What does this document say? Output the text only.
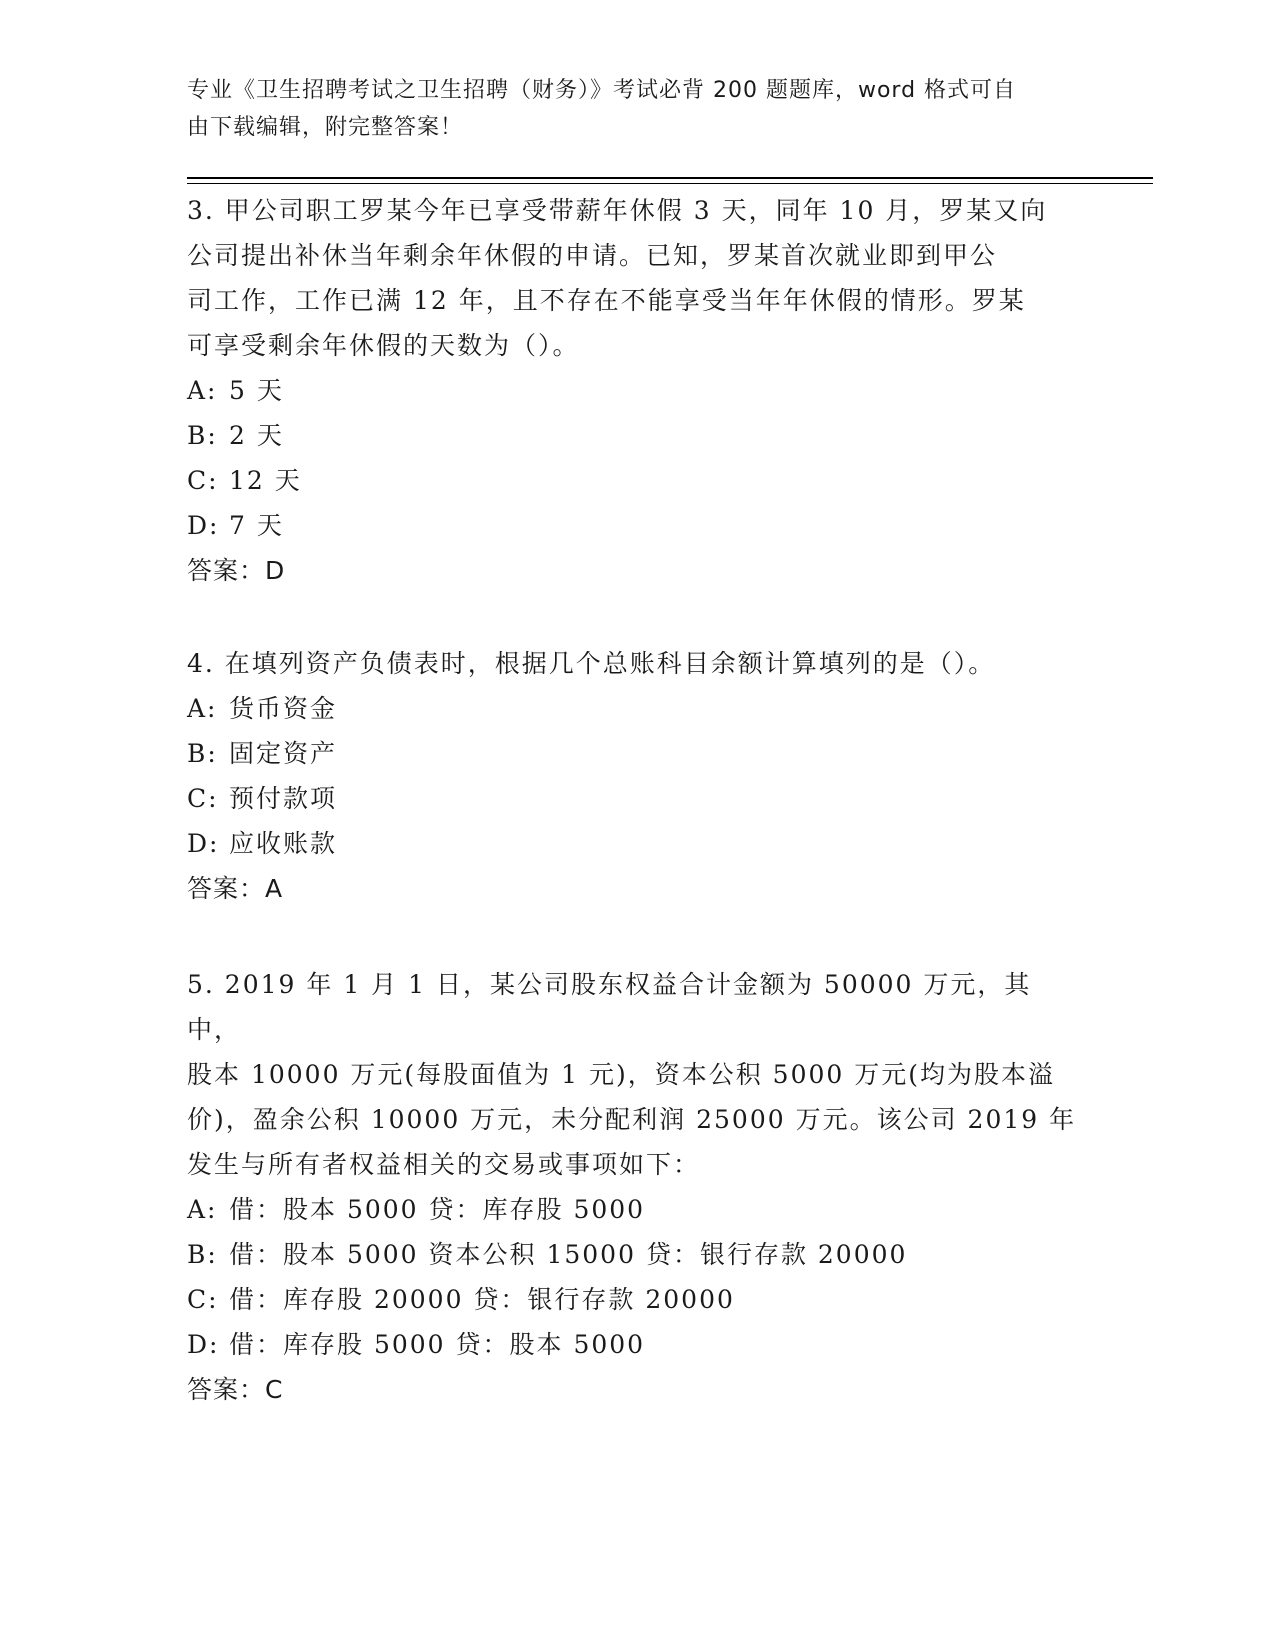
专业《卫生招聘考试之卫生招聘（财务）》考试必背 200 题题库，word 格式可自
由下载编辑，附完整答案！

3. 甲公司职工罗某今年已享受带薪年休假 3 天，同年 10 月，罗某又向

公司提出补休当年剩余年休假的申请。已知，罗某首次就业即到甲公

司工作，工作已满 12 年，且不存在不能享受当年年休假的情形。罗某

可享受剩余年休假的天数为（）。

A: 5 天

B: 2 天

C: 12 天

D: 7 天

答案：D

4. 在填列资产负债表时，根据几个总账科目余额计算填列的是（）。

A: 货币资金

B: 固定资产

C: 预付款项

D: 应收账款

答案：A

5. 2019 年 1 月 1 日，某公司股东权益合计金额为 50000 万元，其中，

股本 10000 万元(每股面值为 1 元)，资本公积 5000 万元(均为股本溢

价)，盈余公积 10000 万元，未分配利润 25000 万元。该公司 2019 年

发生与所有者权益相关的交易或事项如下：

A: 借：股本 5000 贷：库存股 5000

B: 借：股本 5000 资本公积 15000 贷：银行存款 20000

C: 借：库存股 20000 贷：银行存款 20000

D: 借：库存股 5000 贷：股本 5000

答案：C
